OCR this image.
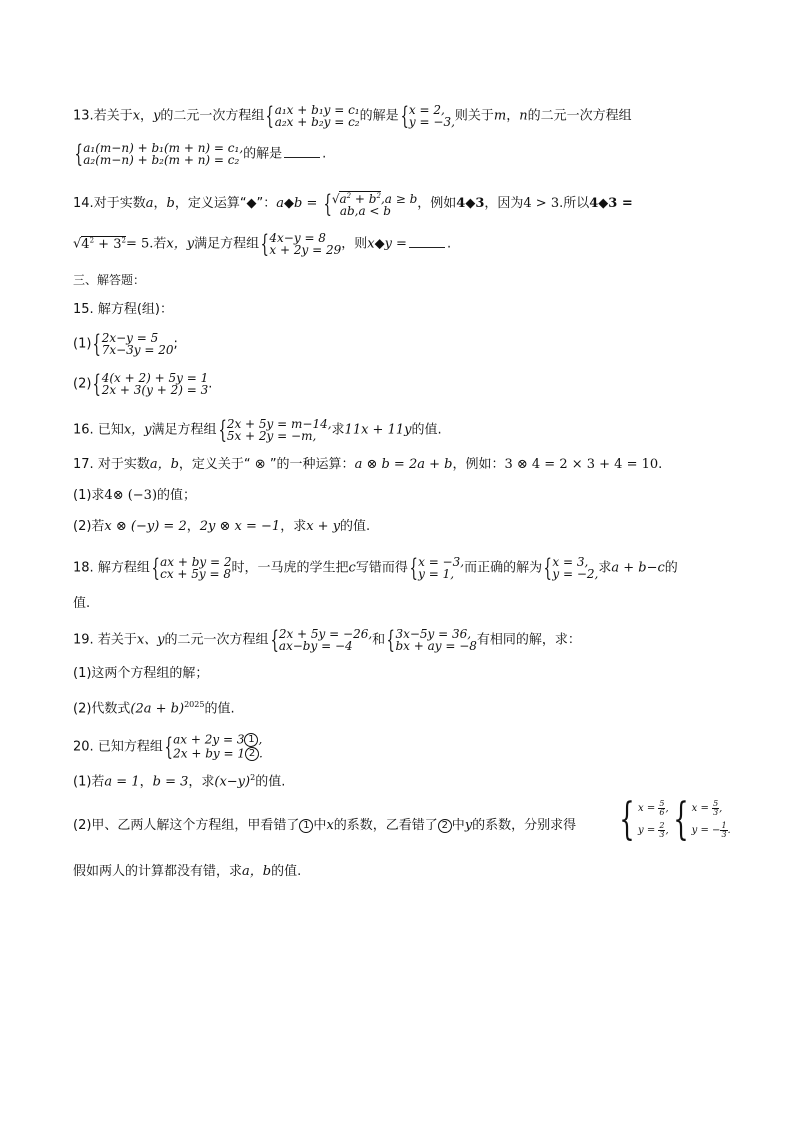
13.若关于x，y的二元一次方程组 { a₁x + b₁y = c₁
a₂x + b₂y = c₂ 的解是 { x = 2,
y = −3, 则关于m，n的二元一次方程组
{ a₁(m−n) + b₁(m + n) = c₁,
a₂(m−n) + b₂(m + n) = c₂ 的解是	.
14.对于实数a，b，定义运算“◆”：a◆b = { $√a^2 + b^2,a \ge b$
ab,a < b	，例如4◆3，因为4 > 3.所以4◆3 =
$√4^2 + 3^2= 5$.若x，y满足方程组 { 4x−y = 8
x + 2y = 29 ，则x◆y =	.
三、解答题：
15. 解方程(组)：
(1) { 2x−y = 5
7x−3y = 20 ;
(2) { 4(x + 2) + 5y = 1
2x + 3(y + 2) = 3 .
16. 已知x，y满足方程组 { 2x + 5y = m−14,
5x + 2y = −m,	求11x + 11y的值.
17. 对于实数a，b，定义关于“ ⊗ ”的一种运算：a ⊗ b = 2a + b，例如：3 ⊗ 4 = 2 × 3 + 4 = 10.
(1)求4⊗ (−3)的值；
(2)若x ⊗ (−y) = 2，2y ⊗ x = −1，求x + y的值.
18. 解方程组 { ax + by = 2
cx + 5y = 8 时，一马虎的学生把c写错而得 { x = −3,
y = 1, 而正确的解为 { x = 3,
y = −2, 求a + b−c的
值.
19. 若关于x、y的二元一次方程组 { 2x + 5y = −26,
ax−by = −4	和 { 3x−5y = 36,
bx + ay = −8 有相同的解，求：
(1)这两个方程组的解；
(2)代数式$(2a + b)^{2025}$的值.
20. 已知方程组 { ax + 2y = 3 1 ,
2x + by = 1 2 .
(1)若a = 1，b = 3，求$(x-y)^2$的值.
(2)甲、乙两人解这个方程组，甲看错了 1 中x的系数，乙看错了 2 中y的系数，分别求得 { $x = \frac{5}{6}$ ,
$y = \frac{2}{3}$ , { $x = \frac{5}{3}$ ,
y = − $\frac{1}{3}$ .
假如两人的计算都没有错，求a，b的值.
